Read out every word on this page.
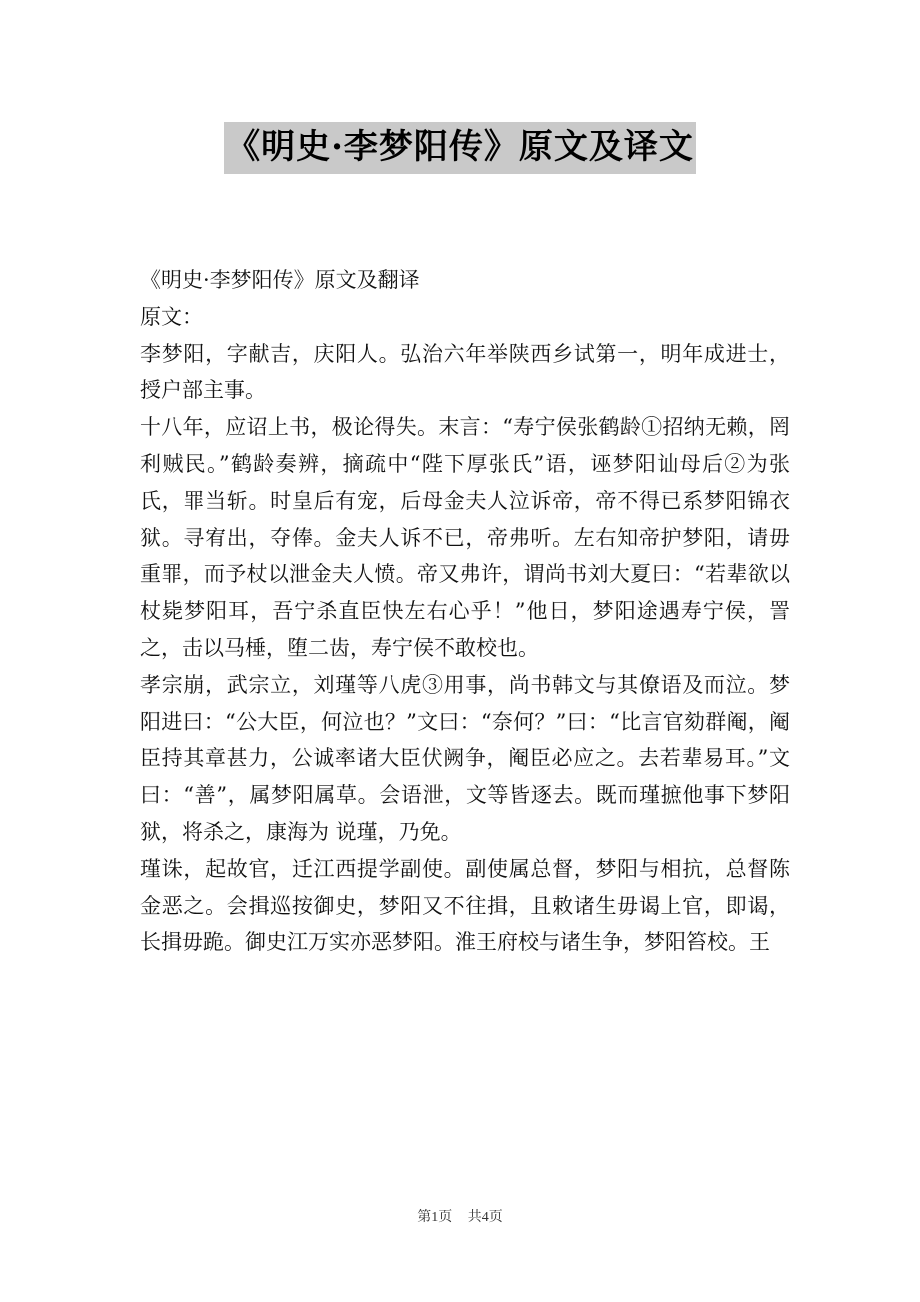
《明史·李梦阳传》原文及译文

《明史·李梦阳传》原文及翻译

原文：

李梦阳，字献吉，庆阳人。弘治六年举陕西乡试第一，明年成进士，授户部主事。

十八年，应诏上书，极论得失。末言：“寿宁侯张鹤龄①招纳无赖，罔利贼民。”鹤龄奏辨，摘疏中“陛下厚张氏”语，诬梦阳讪母后②为张氏，罪当斩。时皇后有宠，后母金夫人泣诉帝，帝不得已系梦阳锦衣狱。寻宥出，夺俸。金夫人诉不已，帝弗听。左右知帝护梦阳，请毋重罪，而予杖以泄金夫人愤。帝又弗许，谓尚书刘大夏曰：“若辈欲以杖毙梦阳耳，吾宁杀直臣快左右心乎！”他日，梦阳途遇寿宁侯，詈之，击以马棰，堕二齿，寿宁侯不敢校也。

孝宗崩，武宗立，刘瑾等八虎③用事，尚书韩文与其僚语及而泣。梦阳进曰：“公大臣，何泣也？”文曰：“奈何？”曰：“比言官劾群阉，阉臣持其章甚力，公诚率诸大臣伏阙争，阉臣必应之。去若辈易耳。”文曰：“善”，属梦阳属草。会语泄，文等皆逐去。既而瑾摭他事下梦阳狱，将杀之，康海为 说瑾，乃免。

瑾诛，起故官，迁江西提学副使。副使属总督，梦阳与相抗，总督陈金恶之。会揖巡按御史，梦阳又不往揖，且敕诸生毋谒上官，即谒，长揖毋跪。御史江万实亦恶梦阳。淮王府校与诸生争，梦阳笞校。王

第1页 共4页
